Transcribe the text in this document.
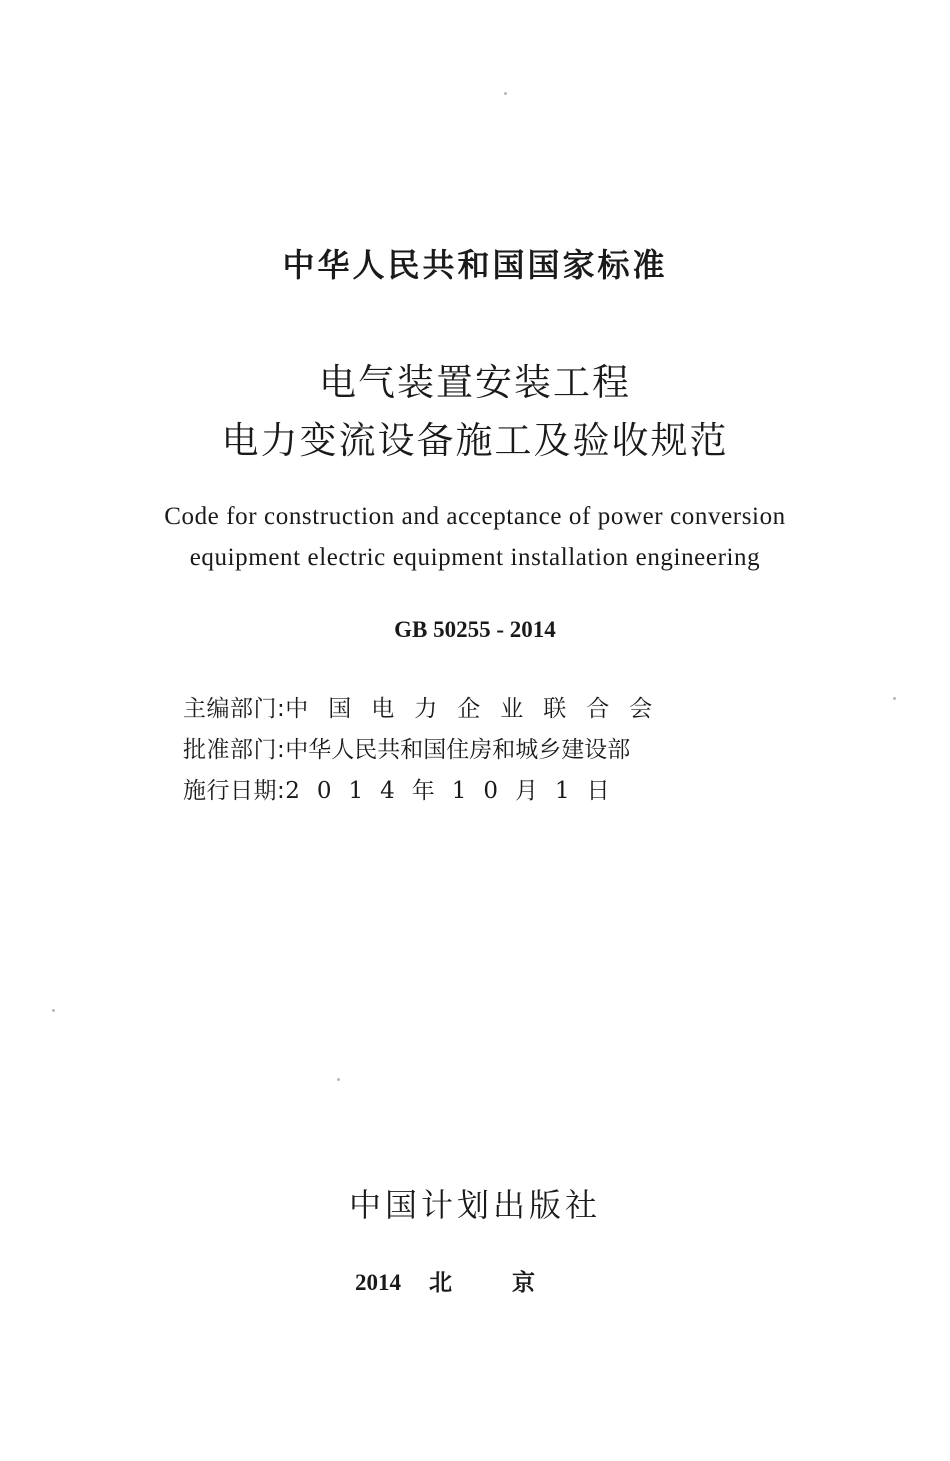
中华人民共和国国家标准
电气装置安装工程
电力变流设备施工及验收规范
Code for construction and acceptance of power conversion
equipment electric equipment installation engineering
GB 50255 - 2014
主编部门: 中国电力企业联合会
批准部门: 中华人民共和国住房和城乡建设部
施行日期: 2014年10月1日
中国计划出版社
2014 北京
